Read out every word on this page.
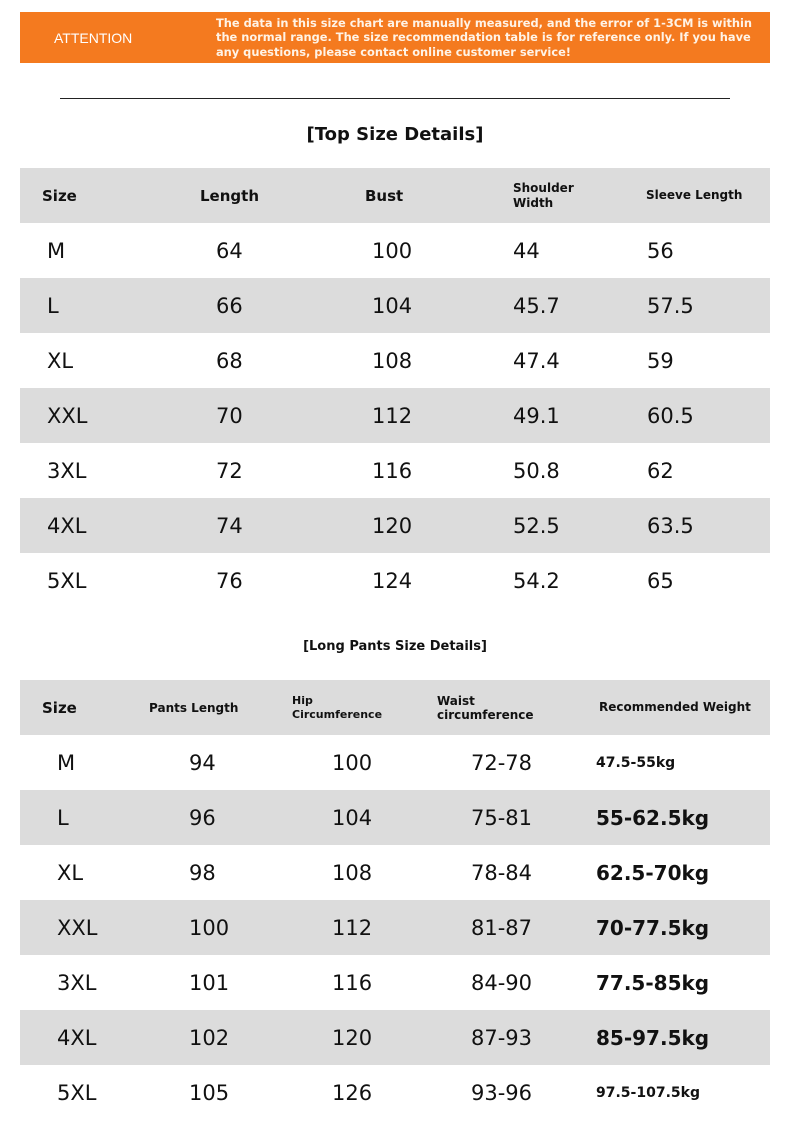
ATTENTION
The data in this size chart are manually measured, and the error of 1-3CM is within the normal range. The size recommendation table is for reference only. If you have any questions, please contact online customer service!
[Top Size Details]
Size	Length	Bust	Shoulder Width	Sleeve Length
M	64	100	44	56
L	66	104	45.7	57.5
XL	68	108	47.4	59
XXL	70	112	49.1	60.5
3XL	72	116	50.8	62
4XL	74	120	52.5	63.5
5XL	76	124	54.2	65
[Long Pants Size Details]
Size	Pants Length	Hip Circumference	Waist circumference	Recommended Weight
M	94	100	72-78	47.5-55kg
L	96	104	75-81	55-62.5kg
XL	98	108	78-84	62.5-70kg
XXL	100	112	81-87	70-77.5kg
3XL	101	116	84-90	77.5-85kg
4XL	102	120	87-93	85-97.5kg
5XL	105	126	93-96	97.5-107.5kg
